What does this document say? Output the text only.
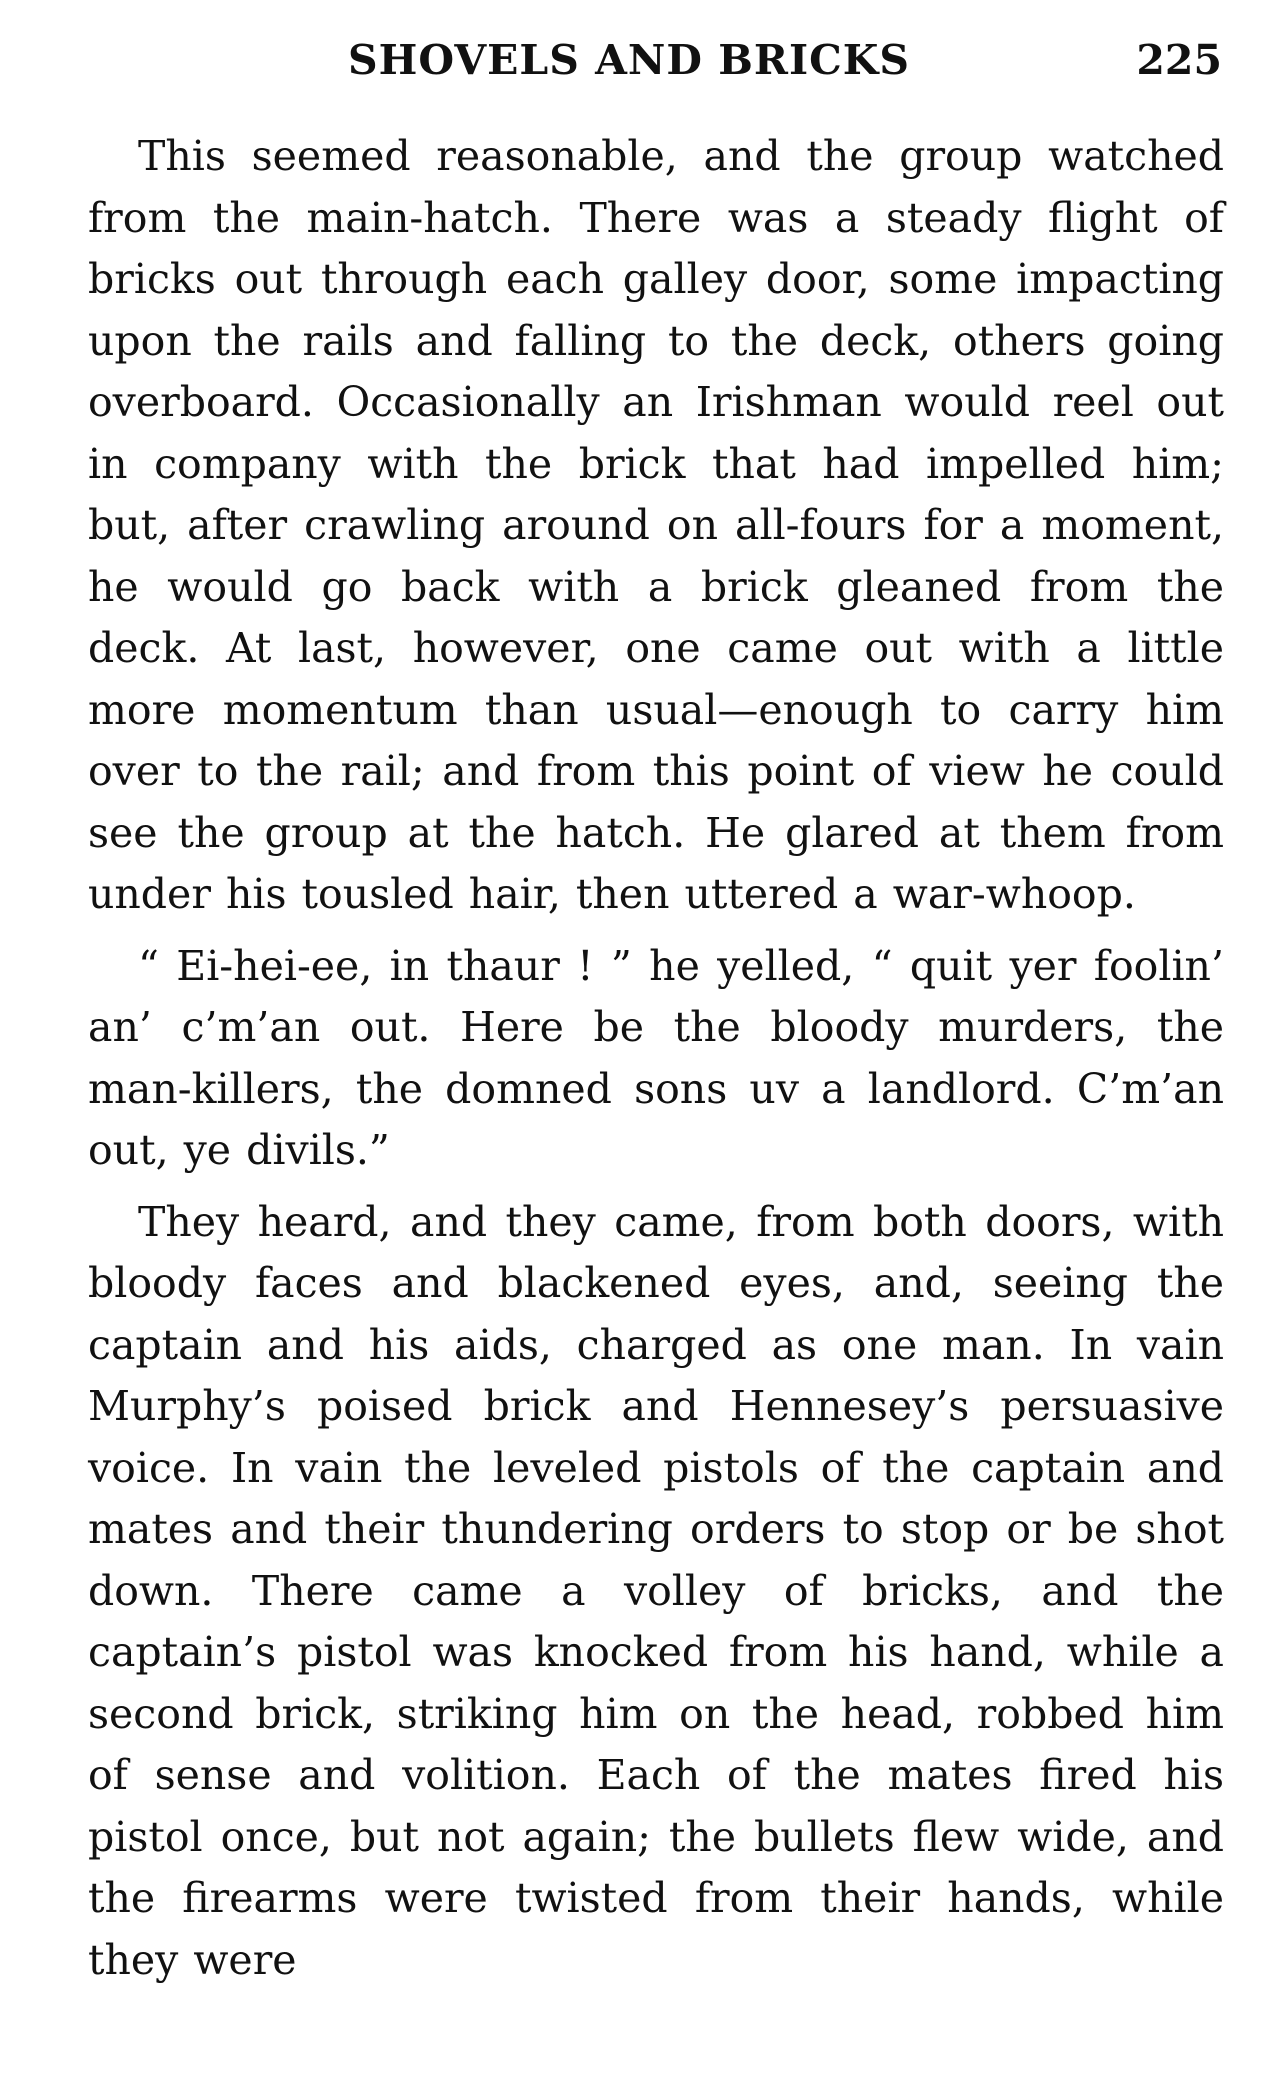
SHOVELS AND BRICKS	225

This seemed reasonable, and the group watched from the main-hatch. There was a steady flight of bricks out through each galley door, some impacting upon the rails and falling to the deck, others going overboard. Occasionally an Irishman would reel out in company with the brick that had impelled him; but, after crawling around on all-fours for a moment, he would go back with a brick gleaned from the deck. At last, however, one came out with a little more momentum than usual—enough to carry him over to the rail; and from this point of view he could see the group at the hatch. He glared at them from under his tousled hair, then uttered a war-whoop.

“ Ei-hei-ee, in thaur ! ” he yelled, “ quit yer foolin’ an’ c’m’an out. Here be the bloody murders, the man-killers, the domned sons uv a landlord. C’m’an out, ye divils.”

They heard, and they came, from both doors, with bloody faces and blackened eyes, and, seeing the captain and his aids, charged as one man. In vain Murphy’s poised brick and Hennesey’s persuasive voice. In vain the leveled pistols of the captain and mates and their thundering orders to stop or be shot down. There came a volley of bricks, and the captain’s pistol was knocked from his hand, while a second brick, striking him on the head, robbed him of sense and volition. Each of the mates fired his pistol once, but not again; the bullets flew wide, and the firearms were twisted from their hands, while they were
